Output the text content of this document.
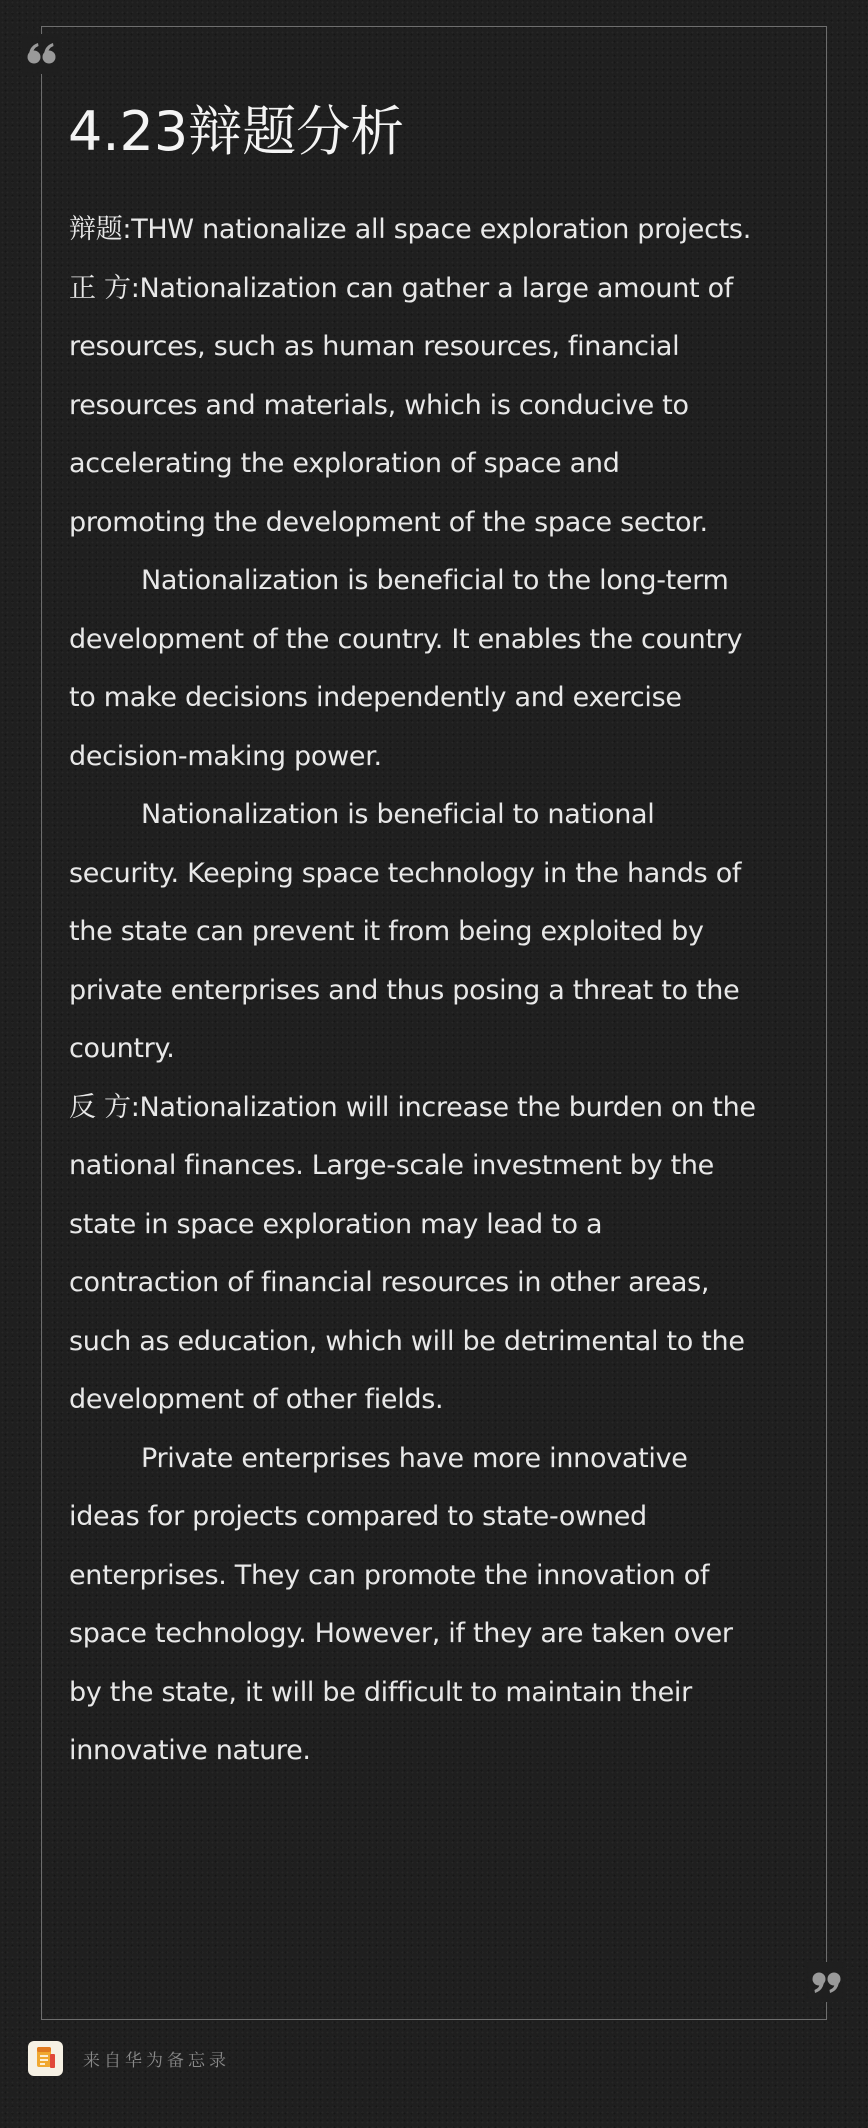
4.23辩题分析

辩题:THW nationalize all space exploration projects.

正 方:Nationalization can gather a large amount of resources, such as human resources, financial resources and materials, which is conducive to accelerating the exploration of space and promoting the development of the space sector.

Nationalization is beneficial to the long-term development of the country. It enables the country to make decisions independently and exercise decision-making power.

Nationalization is beneficial to national security. Keeping space technology in the hands of the state can prevent it from being exploited by private enterprises and thus posing a threat to the country.

反 方:Nationalization will increase the burden on the national finances. Large-scale investment by the state in space exploration may lead to a contraction of financial resources in other areas, such as education, which will be detrimental to the development of other fields.

Private enterprises have more innovative ideas for projects compared to state-owned enterprises. They can promote the innovation of space technology. However, if they are taken over by the state, it will be difficult to maintain their innovative nature.

来自华为备忘录
